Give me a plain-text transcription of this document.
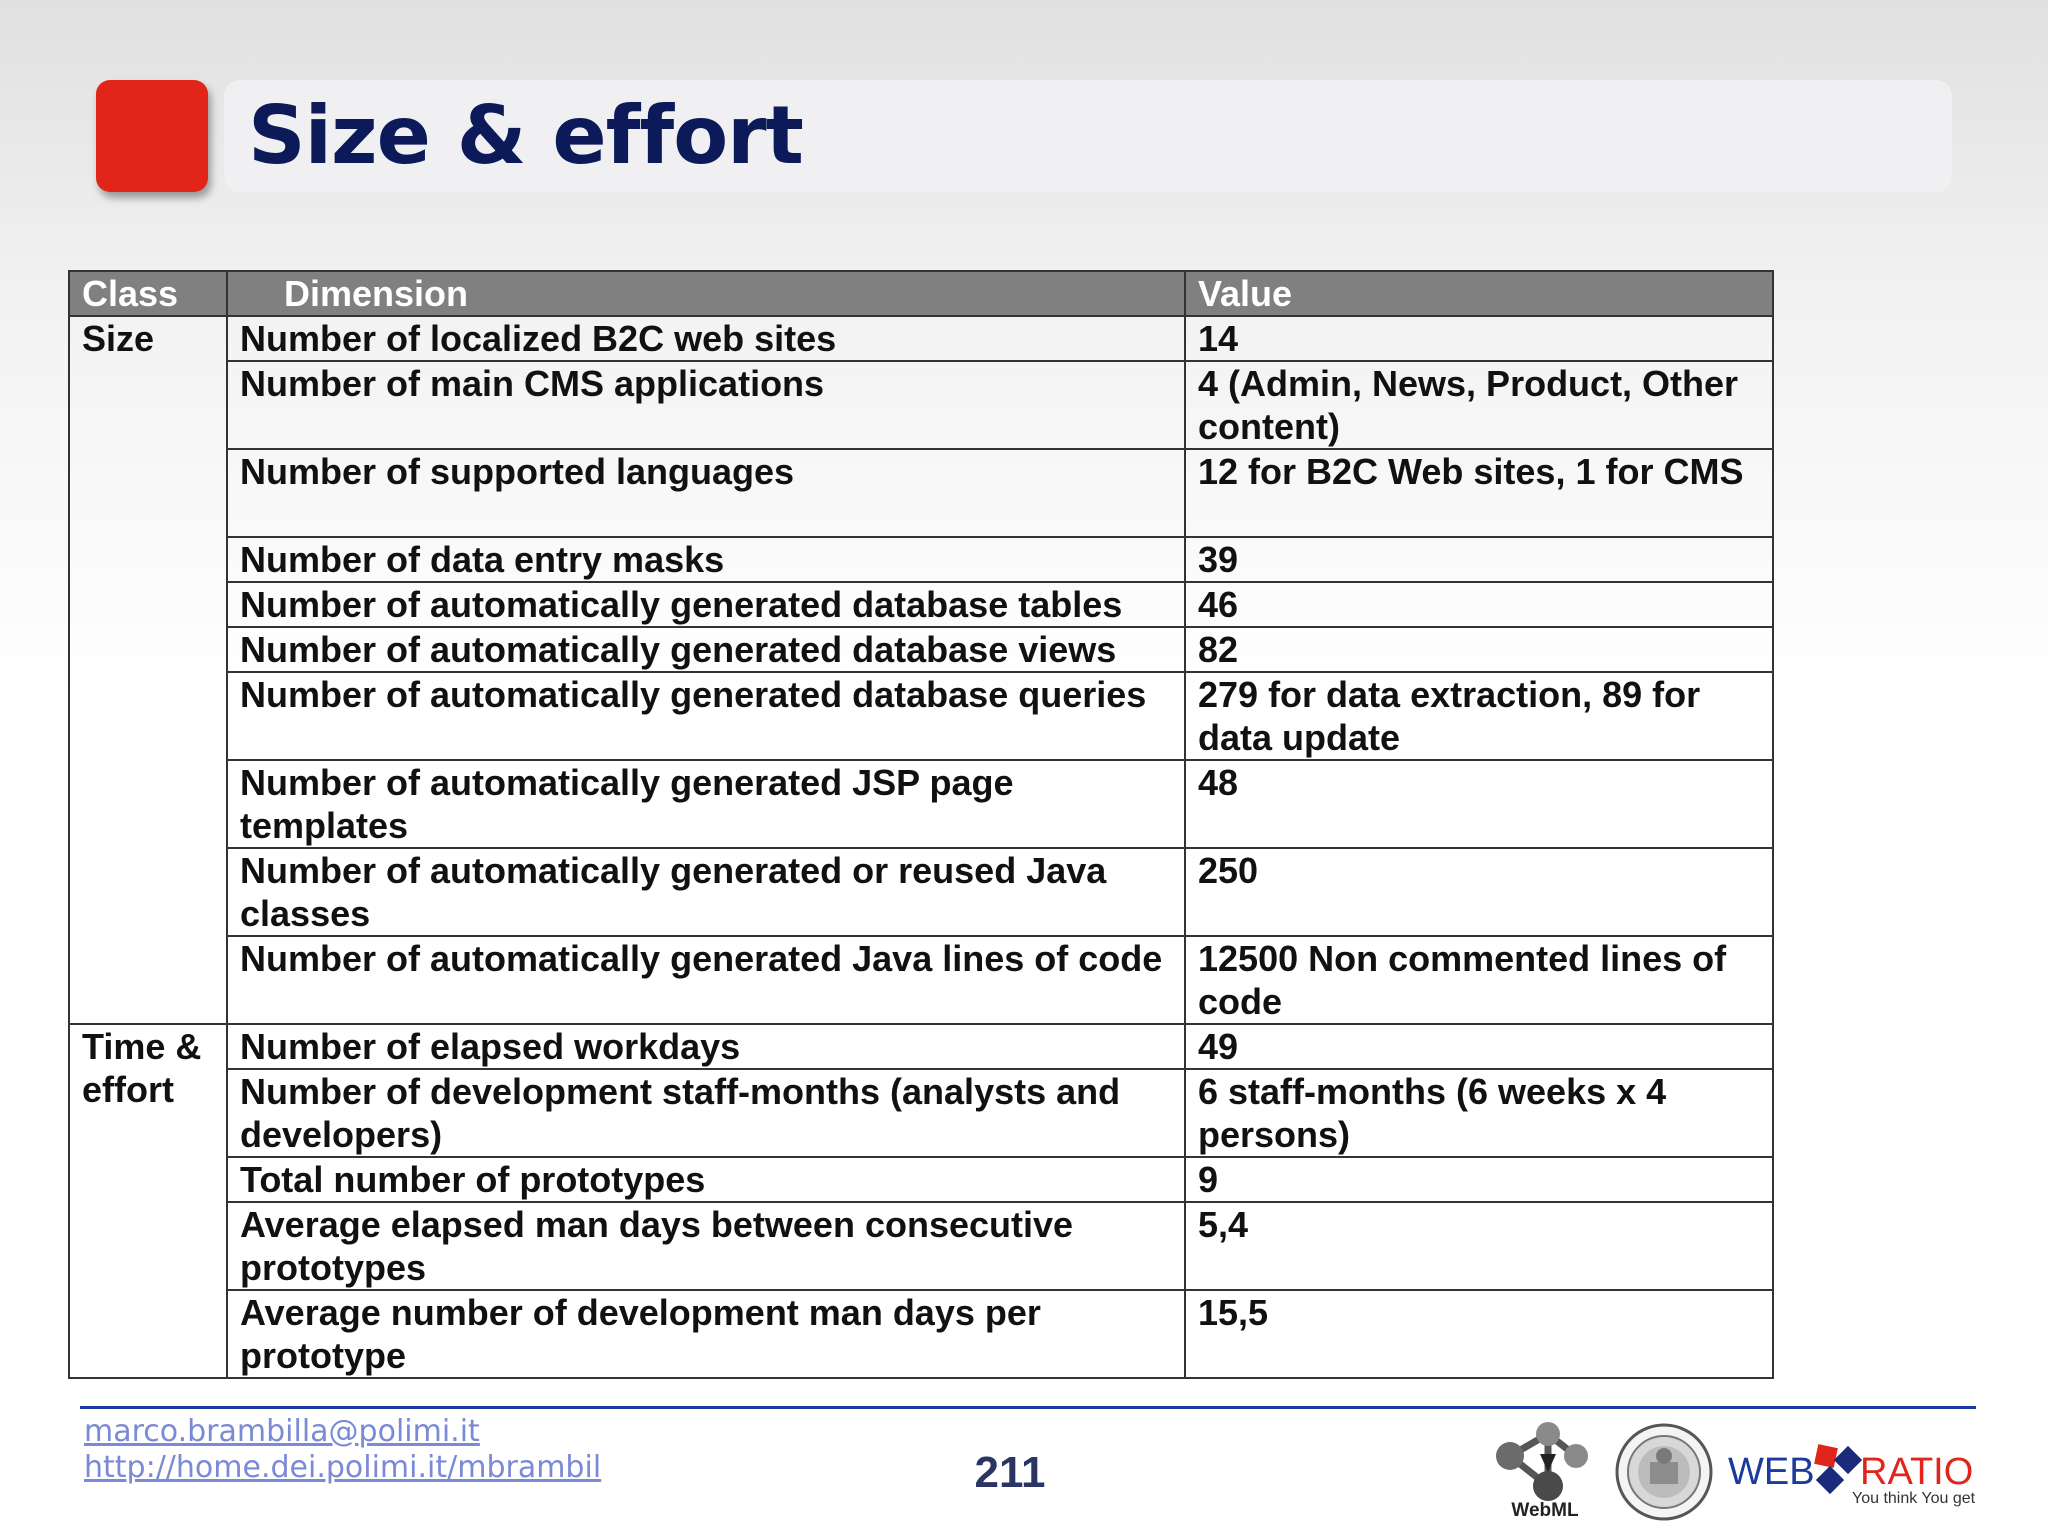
Size & effort
Class	Dimension	Value
Size	Number of localized B2C web sites	14
	Number of main CMS applications	4 (Admin, News, Product, Other content)
	Number of supported languages	12 for B2C Web sites, 1 for CMS
	Number of data entry masks	39
	Number of automatically generated database tables	46
	Number of automatically generated database views	82
	Number of automatically generated database queries	279 for data extraction, 89 for data update
	Number of automatically generated JSP page templates	48
	Number of automatically generated or reused Java classes	250
	Number of automatically generated Java lines of code	12500 Non commented lines of code
Time & effort	Number of elapsed workdays	49
	Number of development staff-months (analysts and developers)	6 staff-months (6 weeks x 4 persons)
	Total number of prototypes	9
	Average elapsed man days between consecutive prototypes	5,4
	Average number of development man days per prototype	15,5
marco.brambilla@polimi.it
http://home.dei.polimi.it/mbrambil	211
WebML
WEB RATIO
You think You get
